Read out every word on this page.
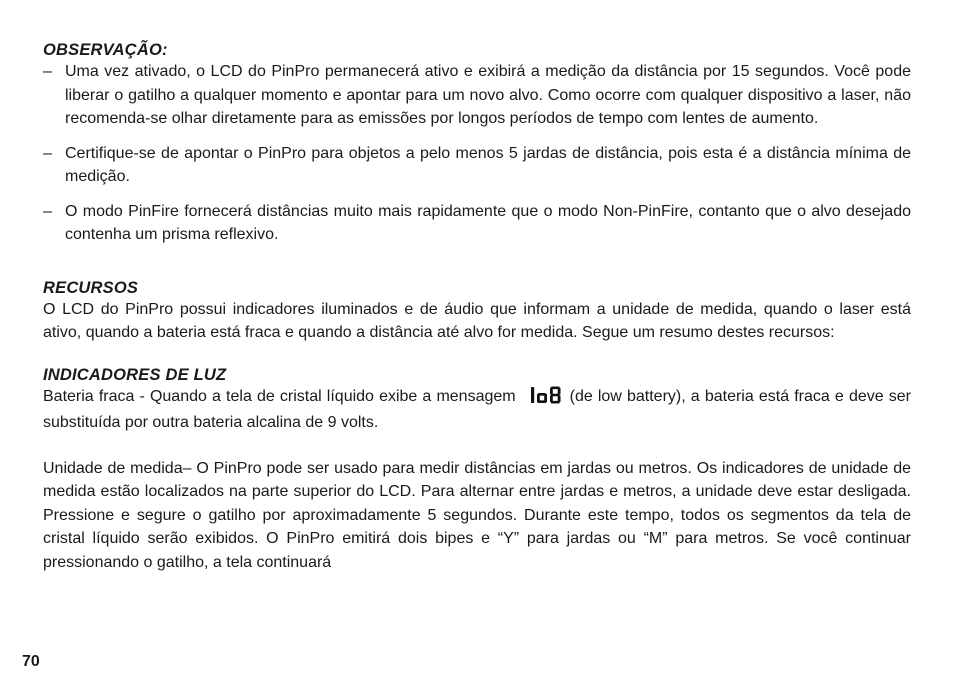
OBSERVAÇÃO:
– Uma vez ativado, o LCD do PinPro permanecerá ativo e exibirá a medição da distância por 15 segundos. Você pode liberar o gatilho a qualquer momento e apontar para um novo alvo. Como ocorre com qualquer dispositivo a laser, não recomenda-se olhar diretamente para as emissões por longos períodos de tempo com lentes de aumento.
– Certifique-se de apontar o PinPro para objetos a pelo menos 5 jardas de distância, pois esta é a distância mínima de medição.
– O modo PinFire fornecerá distâncias muito mais rapidamente que o modo Non-PinFire, contanto que o alvo desejado contenha um prisma reflexivo.
RECURSOS

O LCD do PinPro possui indicadores iluminados e de áudio que informam a unidade de medida, quando o laser está ativo, quando a bateria está fraca e quando a distância até alvo for medida. Segue um resumo destes recursos:

INDICADORES DE LUZ

Bateria fraca - Quando a tela de cristal líquido exibe a mensagem	(de low battery), a bateria está fraca e deve ser substituída por outra bateria alcalina de 9 volts.

Unidade de medida– O PinPro pode ser usado para medir distâncias em jardas ou metros. Os indicadores de unidade de medida estão localizados na parte superior do LCD. Para alternar entre jardas e metros, a unidade deve estar desligada. Pressione e segure o gatilho por aproximadamente 5 segundos. Durante este tempo, todos os segmentos da tela de cristal líquido serão exibidos. O PinPro emitirá dois bipes e “Y” para jardas ou “M” para metros. Se você continuar pressionando o gatilho, a tela continuará

70
